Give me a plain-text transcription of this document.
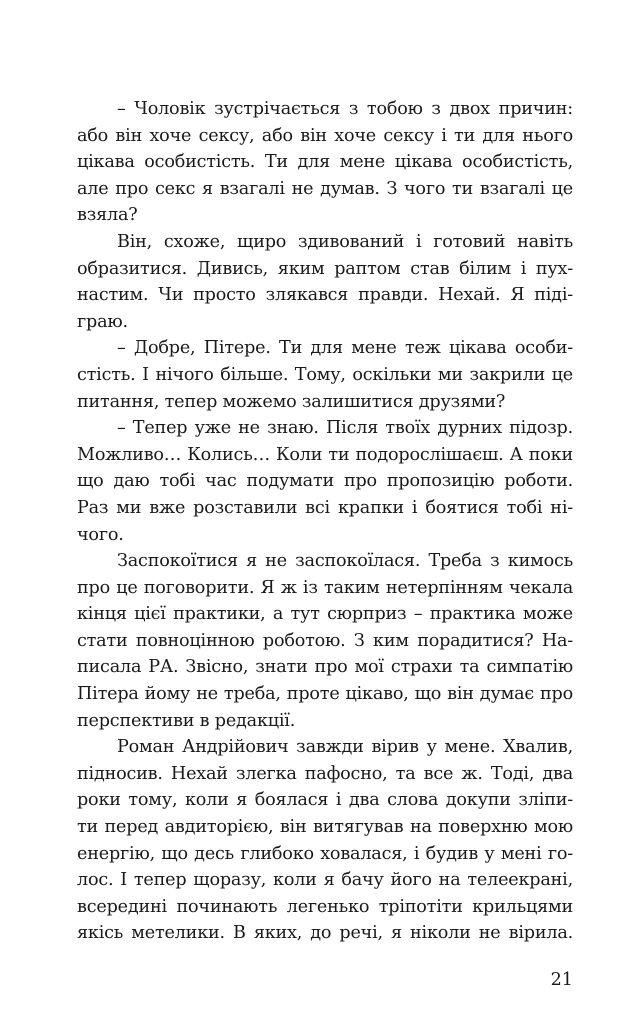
– Чоловік зустрічається з тобою з двох причин:
або він хоче сексу, або він хоче сексу і ти для нього
цікава особистість. Ти для мене цікава особистість,
але про секс я взагалі не думав. З чого ти взагалі це
взяла?
Він, схоже, щиро здивований і готовий навіть
образитися. Дивись, яким раптом став білим і пух-
настим. Чи просто злякався правди. Нехай. Я піді-
граю.
– Добре, Пітере. Ти для мене теж цікава особи-
стість. І нічого більше. Тому, оскільки ми закрили це
питання, тепер можемо залишитися друзями?
– Тепер уже не знаю. Після твоїх дурних підозр.
Можливо… Колись… Коли ти подорослішаєш. А поки
що даю тобі час подумати про пропозицію роботи.
Раз ми вже розставили всі крапки і боятися тобі ні-
чого.
Заспокоїтися я не заспокоїлася. Треба з кимось
про це поговорити. Я ж із таким нетерпінням чекала
кінця цієї практики, а тут сюрприз – практика може
стати повноцінною роботою. З ким порадитися? На-
писала РА. Звісно, знати про мої страхи та симпатію
Пітера йому не треба, проте цікаво, що він думає про
перспективи в редакції.
Роман Андрійович завжди вірив у мене. Хвалив,
підносив. Нехай злегка пафосно, та все ж. Тоді, два
роки тому, коли я боялася і два слова докупи зліпи-
ти перед авдиторією, він витягував на поверхню мою
енергію, що десь глибоко ховалася, і будив у мені го-
лос. І тепер щоразу, коли я бачу його на телеекрані,
всередині починають легенько тріпотіти крильцями
якісь метелики. В яких, до речі, я ніколи не вірила.
21
